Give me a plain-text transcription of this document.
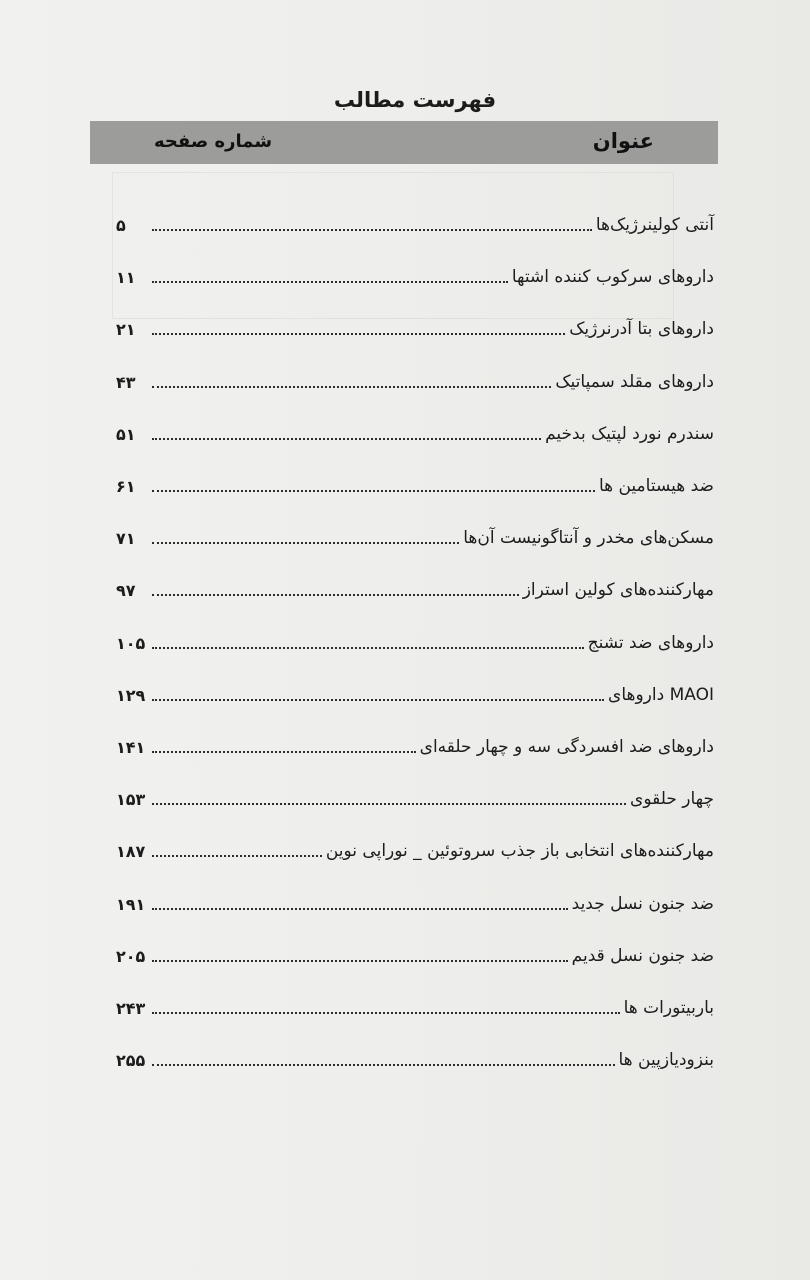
فهرست مطالب
عنوان
شماره صفحه
آنتی کولینرژیک‌ها
۵
داروهای سرکوب کننده اشتها
۱۱
داروهای بتا آدرنرژیک
۲۱
داروهای مقلد سمپاتیک
۴۳
سندرم نورد لپتیک بدخیم
۵۱
ضد هیستامین ها
۶۱
مسکن‌های مخدر و آنتاگونیست آن‌ها
۷۱
مهارکننده‌های کولین استراز
۹۷
داروهای ضد تشنج
۱۰۵
MAOI داروهای
۱۲۹
داروهای ضد افسردگی سه و چهار حلقه‌ای
۱۴۱
چهار حلقوی
۱۵۳
مهارکننده‌های انتخابی باز جذب سروتوئین _ نوراپی نوین
۱۸۷
ضد جنون نسل جدید
۱۹۱
ضد جنون نسل قدیم
۲۰۵
باربیتورات ها
۲۴۳
بنزودیازپین ها
۲۵۵
